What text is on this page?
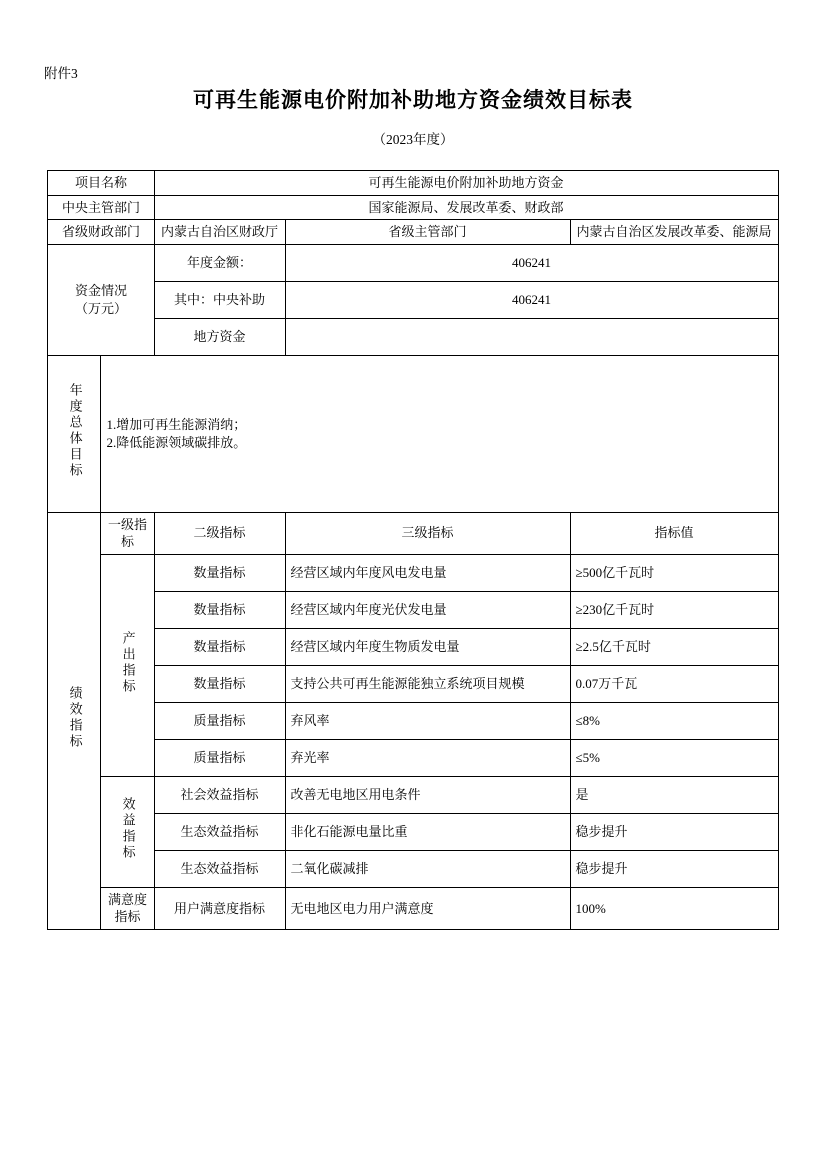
附件3
可再生能源电价附加补助地方资金绩效目标表
（2023年度）
项目名称		可再生能源电价附加补助地方资金		
中央主管部门		国家能源局、发展改革委、财政部		
省级财政部门		内蒙古自治区财政厅	省级主管部门	内蒙古自治区发展改革委、能源局

资金情况
（万元）		年度金额：	406241	
		其中：中央补助	406241	
		地方资金		
年度总体目标	1.增加可再生能源消纳；
2.降低能源领域碳排放。			

绩效指标	一级指标	二级指标	三级指标	指标值
	产出指标	数量指标	经营区域内年度风电发电量	≥500亿千瓦时
		数量指标	经营区域内年度光伏发电量	≥230亿千瓦时
		数量指标	经营区域内年度生物质发电量	≥2.5亿千瓦时
		数量指标	支持公共可再生能源能独立系统项目规模	0.07万千瓦
		质量指标	弃风率	≤8%
		质量指标	弃光率	≤5%
	效益指标	社会效益指标	改善无电地区用电条件	是
		生态效益指标	非化石能源电量比重	稳步提升
		生态效益指标	二氧化碳减排	稳步提升
	满意度指标	用户满意度指标	无电地区电力用户满意度	100%
